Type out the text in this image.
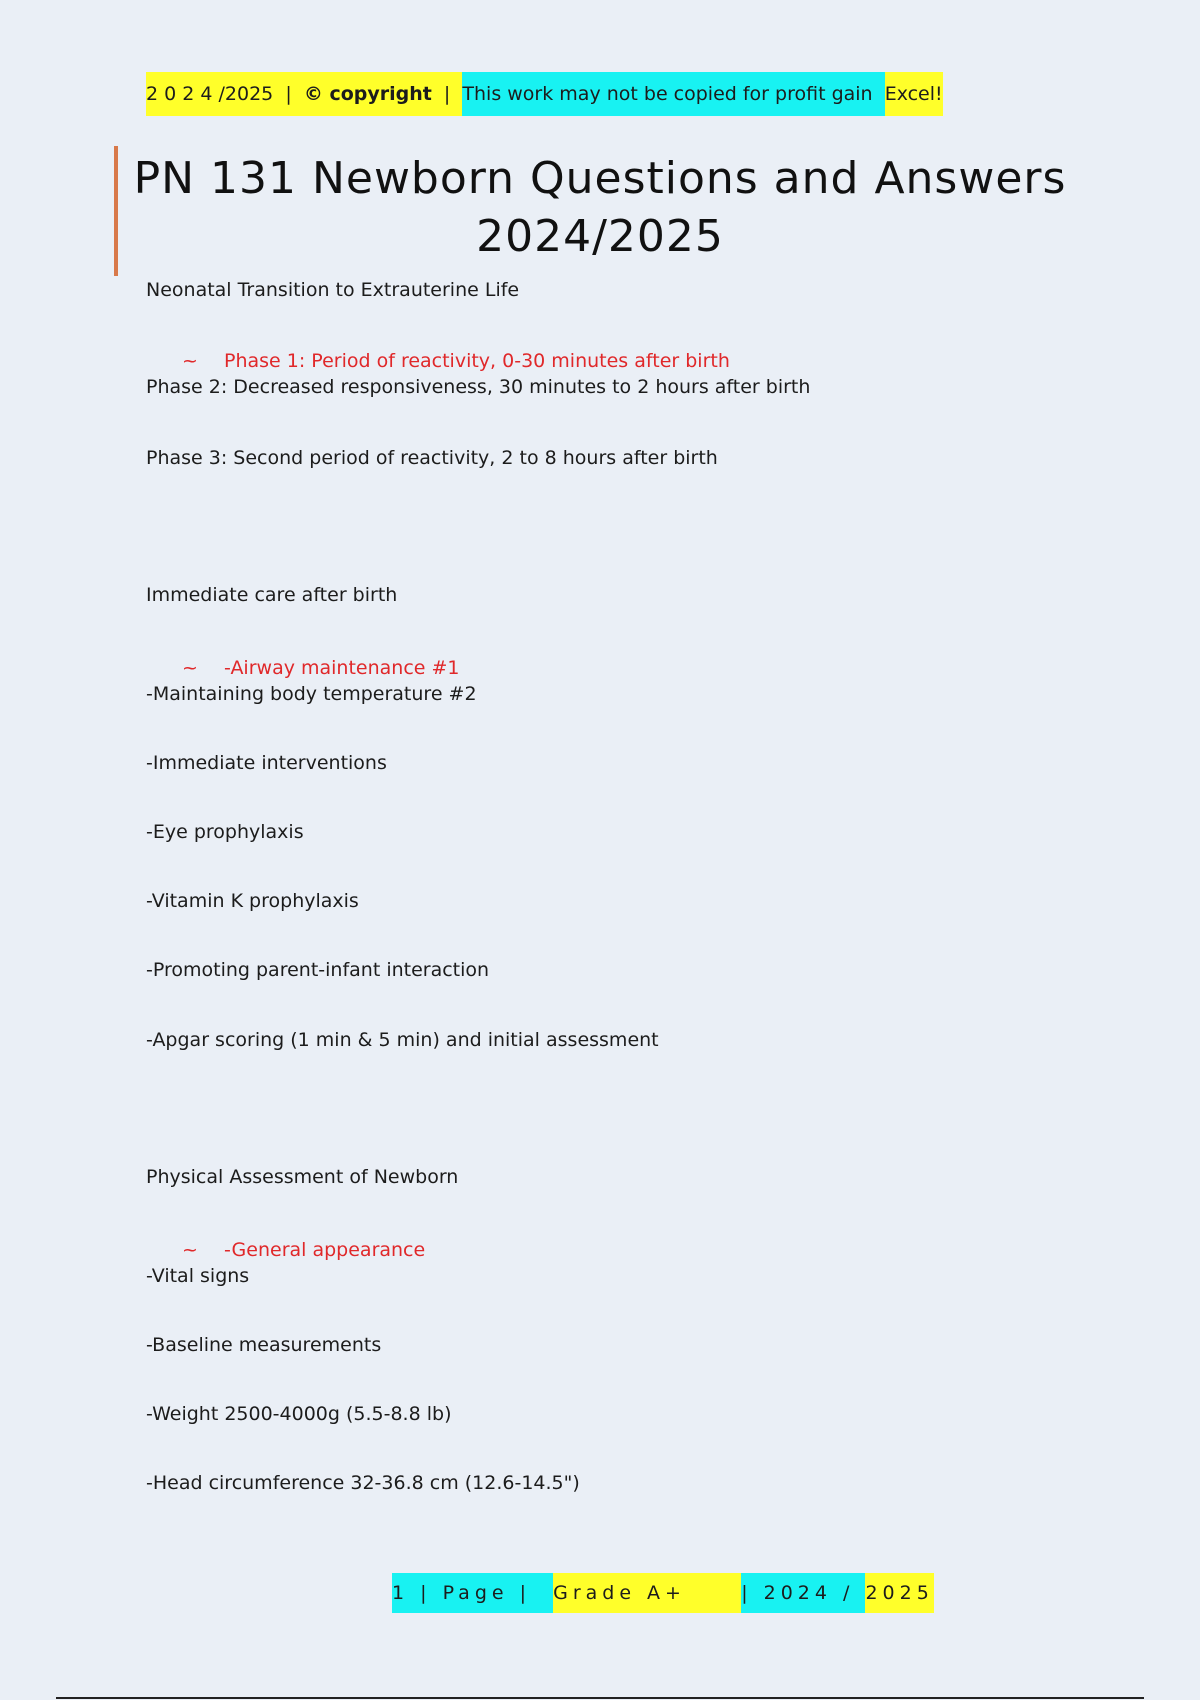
2 0 2 4 /2025  | © copyright | This work may not be copied for profit gain Excel!
PN 131 Newborn Questions and Answers
2024/2025
Neonatal Transition to Extrauterine Life
~ Phase 1: Period of reactivity, 0-30 minutes after birth
Phase 2: Decreased responsiveness, 30 minutes to 2 hours after birth
Phase 3: Second period of reactivity, 2 to 8 hours after birth
Immediate care after birth
~ -Airway maintenance #1
-Maintaining body temperature #2
-Immediate interventions
-Eye prophylaxis
-Vitamin K prophylaxis
-Promoting parent-infant interaction
-Apgar scoring (1 min & 5 min) and initial assessment
Physical Assessment of Newborn
~ -General appearance
-Vital signs
-Baseline measurements
-Weight 2500-4000g (5.5-8.8 lb)
-Head circumference 32-36.8 cm (12.6-14.5")
1 | Page | Grade A+ | 2024 / 2025
